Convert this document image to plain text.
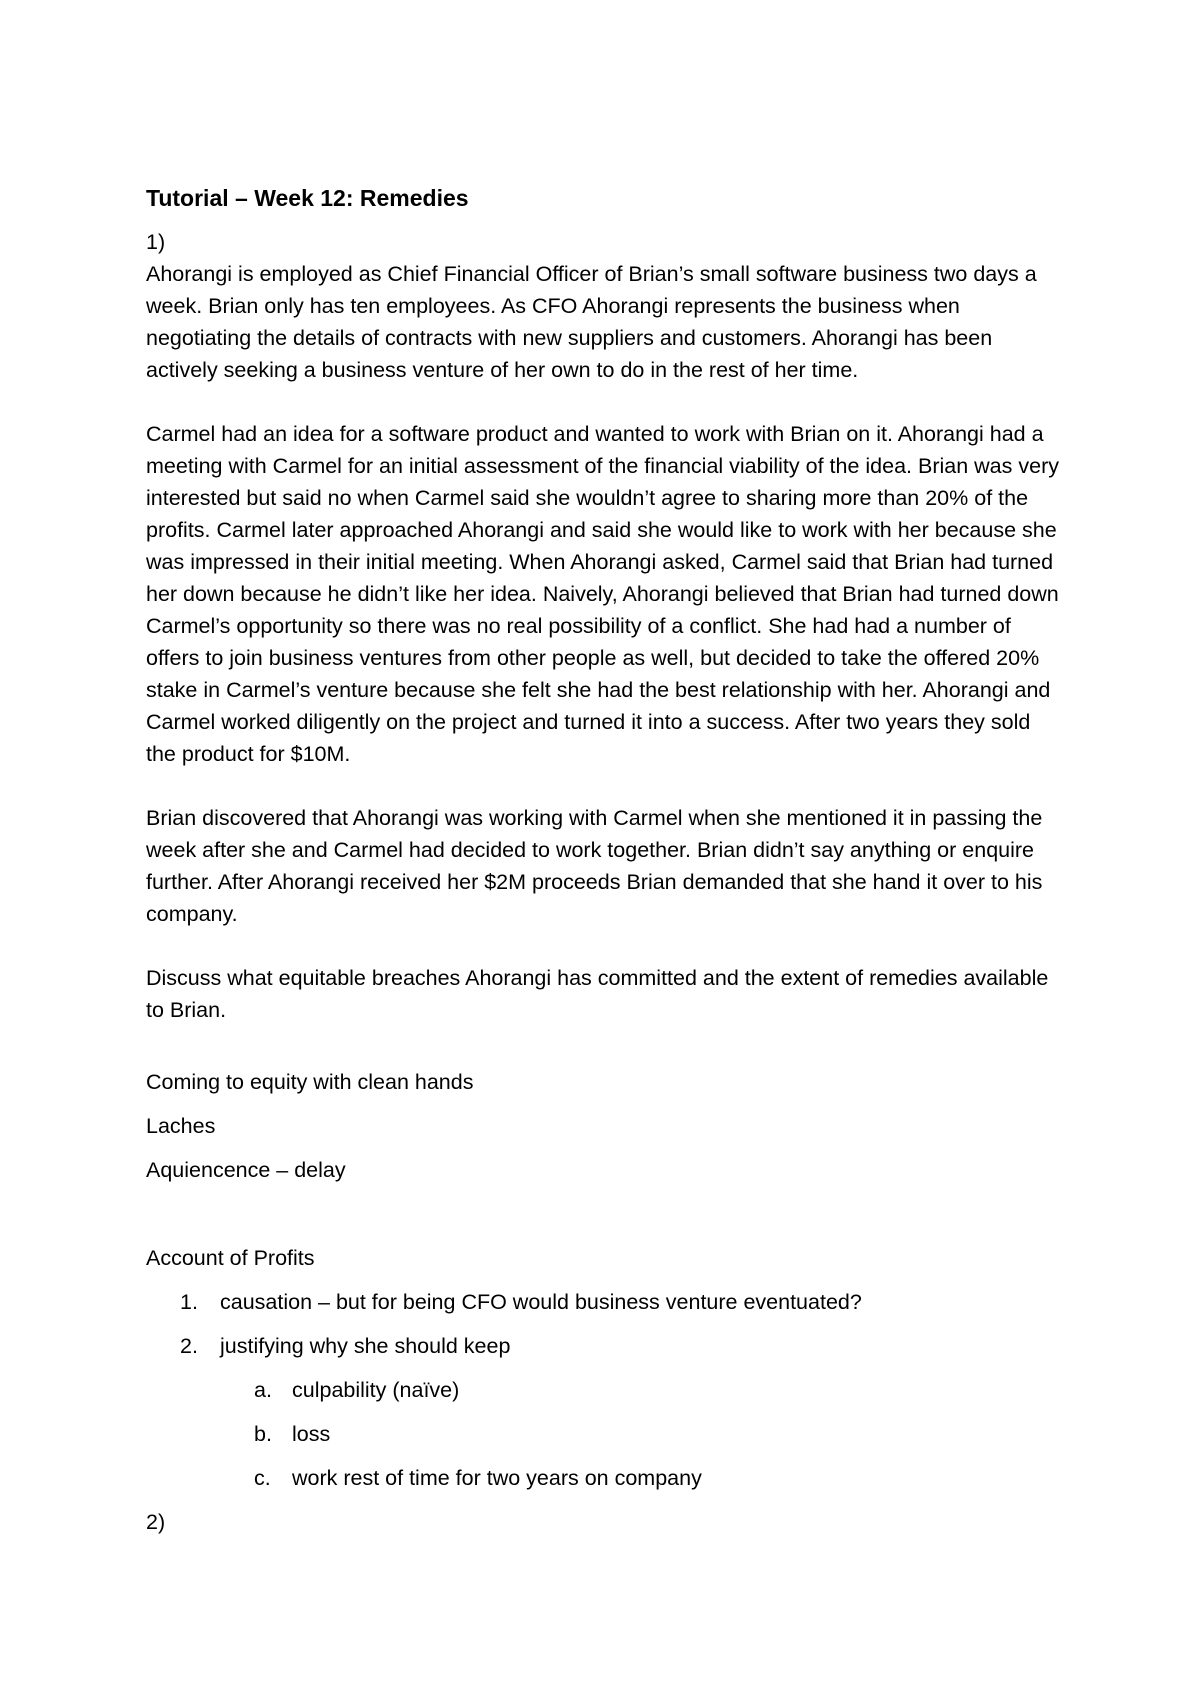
Tutorial – Week 12: Remedies
1)

Ahorangi is employed as Chief Financial Officer of Brian’s small software business two days a week. Brian only has ten employees. As CFO Ahorangi represents the business when negotiating the details of contracts with new suppliers and customers. Ahorangi has been actively seeking a business venture of her own to do in the rest of her time.

Carmel had an idea for a software product and wanted to work with Brian on it. Ahorangi had a meeting with Carmel for an initial assessment of the financial viability of the idea. Brian was very interested but said no when Carmel said she wouldn’t agree to sharing more than 20% of the profits. Carmel later approached Ahorangi and said she would like to work with her because she was impressed in their initial meeting. When Ahorangi asked, Carmel said that Brian had turned her down because he didn’t like her idea. Naively, Ahorangi believed that Brian had turned down Carmel’s opportunity so there was no real possibility of a conflict. She had had a number of offers to join business ventures from other people as well, but decided to take the offered 20% stake in Carmel’s venture because she felt she had the best relationship with her. Ahorangi and Carmel worked diligently on the project and turned it into a success. After two years they sold the product for $10M.

Brian discovered that Ahorangi was working with Carmel when she mentioned it in passing the week after she and Carmel had decided to work together. Brian didn’t say anything or enquire further. After Ahorangi received her $2M proceeds Brian demanded that she hand it over to his company.

Discuss what equitable breaches Ahorangi has committed and the extent of remedies available to Brian.

Coming to equity with clean hands
Laches
Aquiencence – delay
Account of Profits
1.	causation – but for being CFO would business venture eventuated?
2.	justifying why she should keep
a. culpability (naïve)
b. loss
c. work rest of time for two years on company
2)
